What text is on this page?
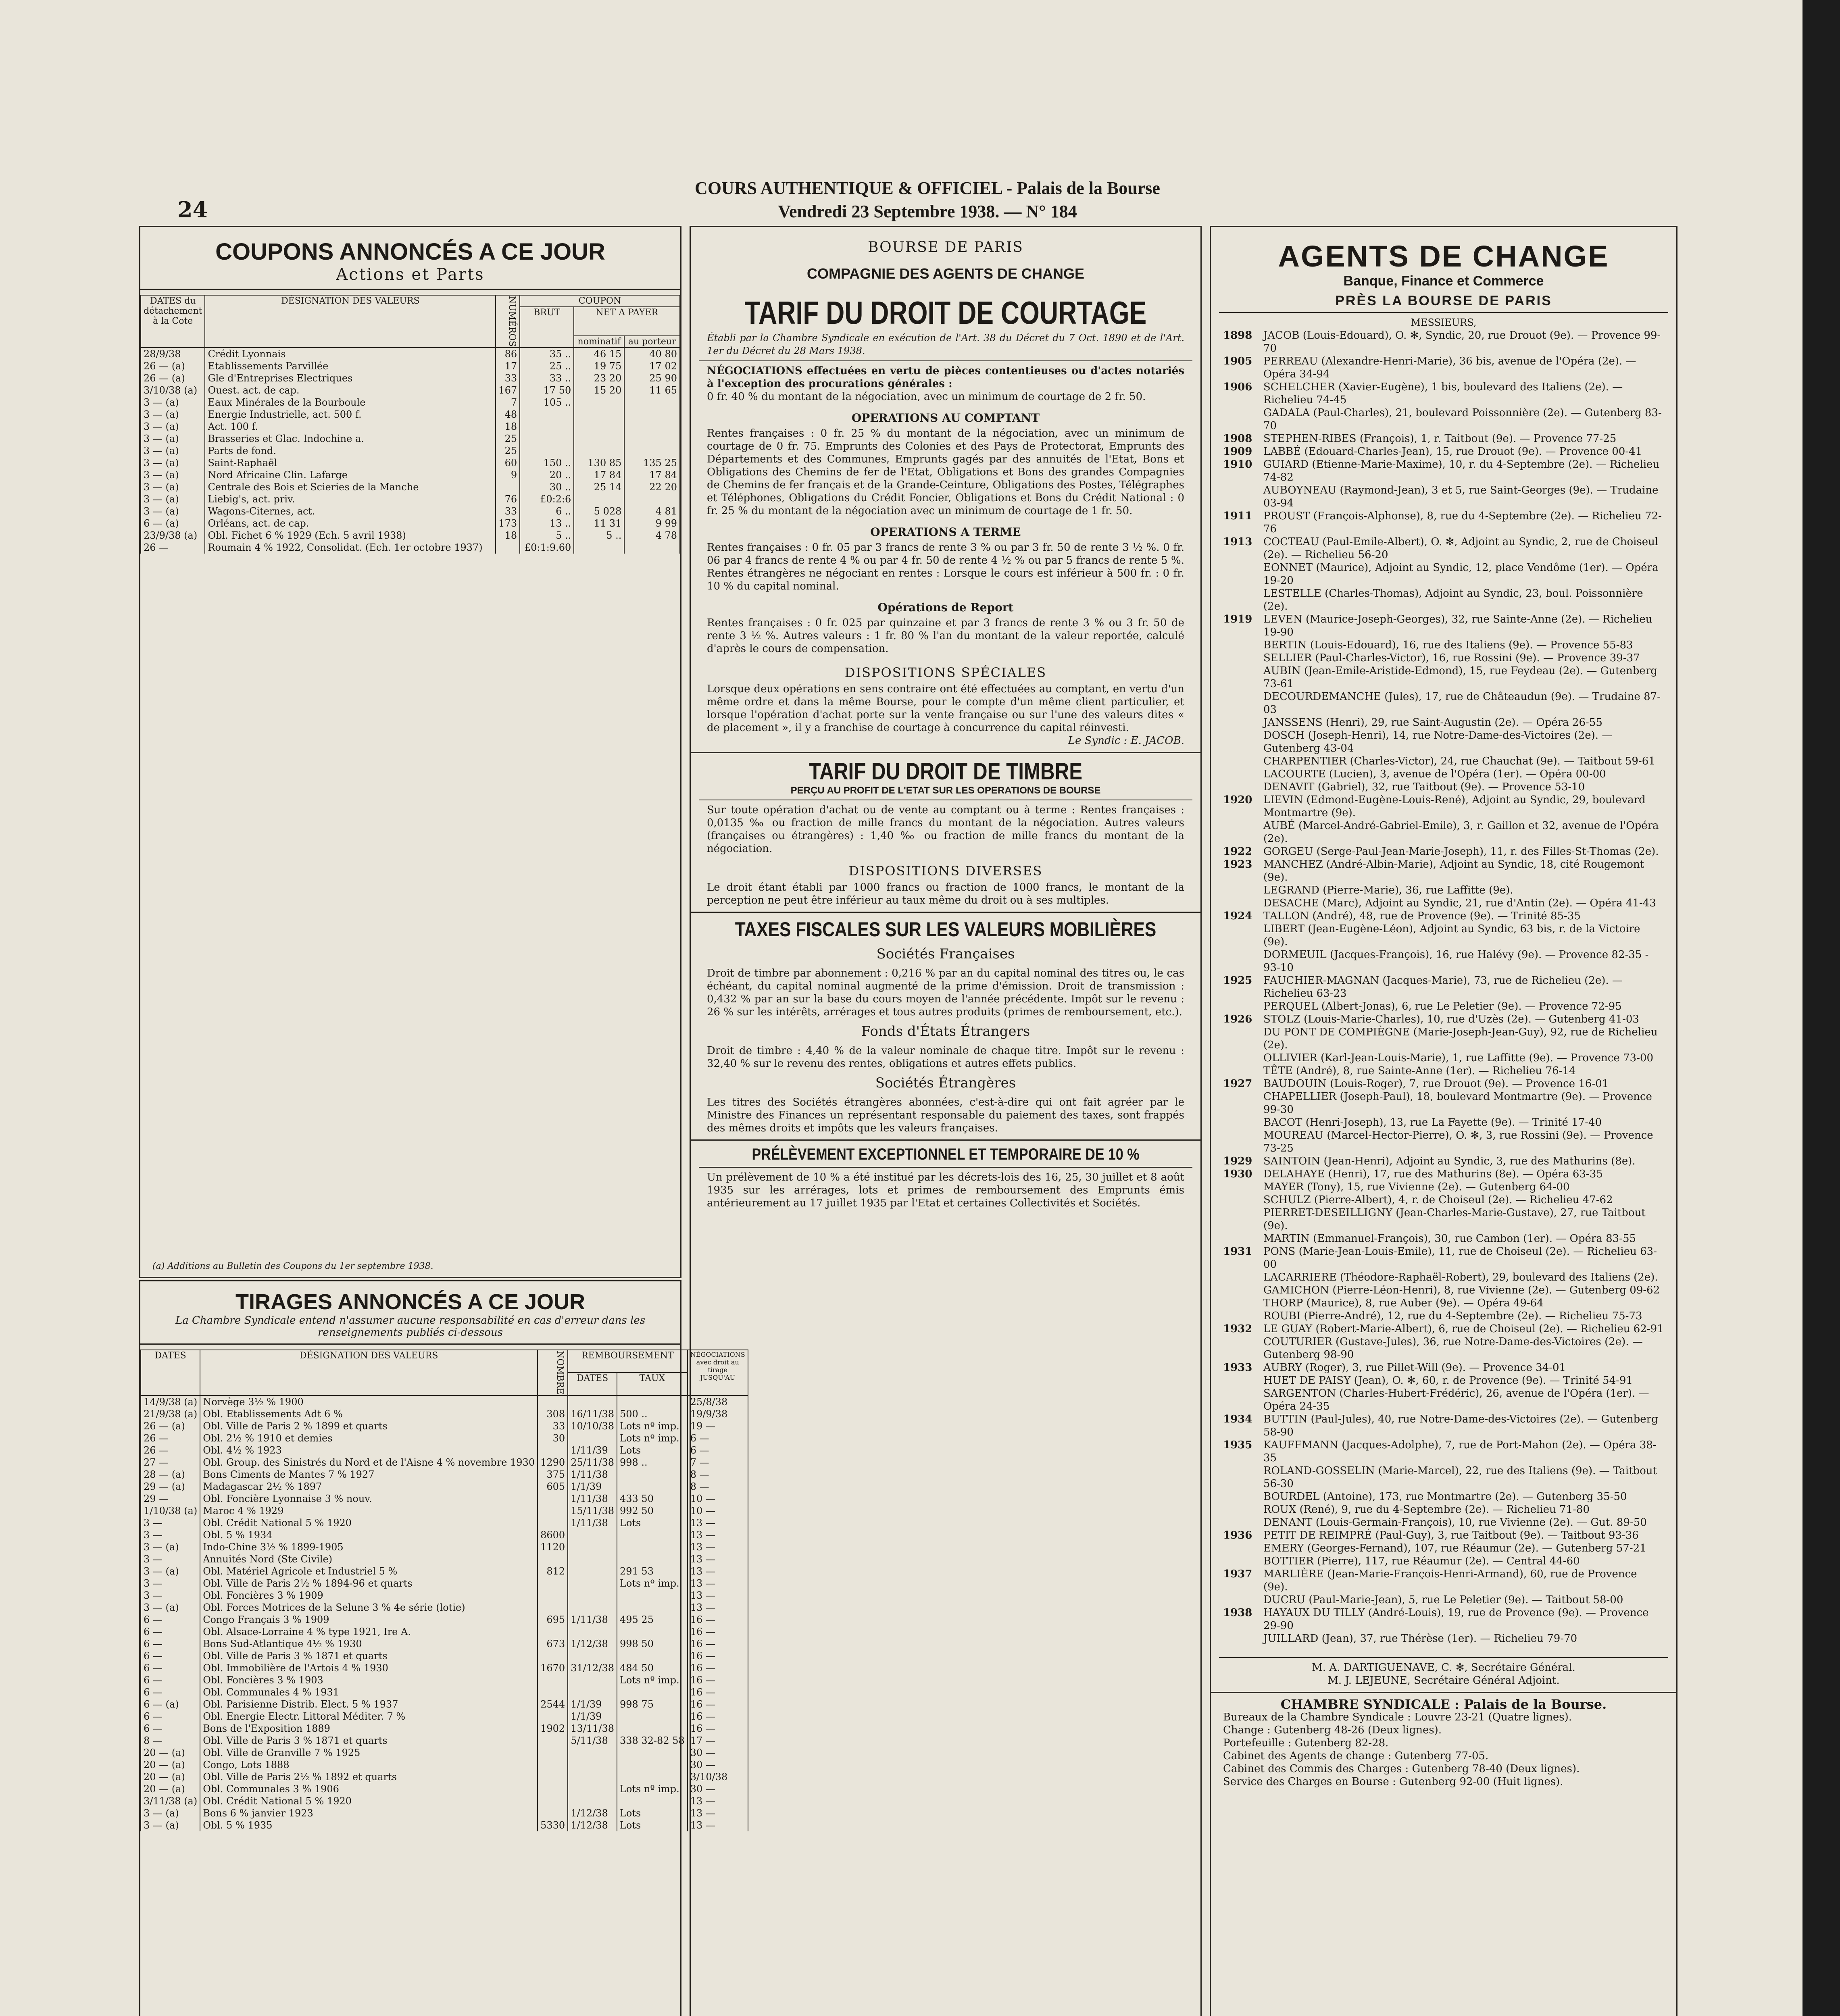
24
COURS AUTHENTIQUE & OFFICIEL - Palais de la Bourse
Vendredi 23 Septembre 1938. — N° 184
COUPONS ANNONCÉS A CE JOUR
Actions et Parts
DATES du détachement à la Cote	DÉSIGNATION DES VALEURS	NUMÉROS	COUPON		
			BRUT	NET A PAYER	
				nominatif	au porteur
28/9/38	Crédit Lyonnais	86	35 ..	46 15	40 80
26 — (a)	Etablissements Parvillée	17	25 ..	19 75	17 02
26 — (a)	Gle d'Entreprises Electriques	33	33 ..	23 20	25 90
3/10/38 (a)	Ouest. act. de cap.	167	17 50	15 20	11 65
3 — (a)	Eaux Minérales de la Bourboule	7	105 ..		
3 — (a)	Energie Industrielle, act. 500 f.	48			
3 — (a)	Act. 100 f.	18			
3 — (a)	Brasseries et Glac. Indochine a.	25			
3 — (a)	Parts de fond.	25			
3 — (a)	Saint-Raphaël	60	150 ..	130 85	135 25
3 — (a)	Nord Africaine Clin. Lafarge	9	20 ..	17 84	17 84
3 — (a)	Centrale des Bois et Scieries de la Manche		30 ..	25 14	22 20
3 — (a)	Liebig's, act. priv.	76	£0:2:6		
3 — (a)	Wagons-Citernes, act.	33	6 ..	5 028	4 81
6 — (a)	Orléans, act. de cap.	173	13 ..	11 31	9 99
23/9/38 (a)	Obl. Fichet 6 % 1929 (Ech. 5 avril 1938)	18	5 ..	5 ..	4 78
26 —	Roumain 4 % 1922, Consolidat. (Ech. 1er octobre 1937)		£0:1:9.60		
(a) Additions au Bulletin des Coupons du 1er septembre 1938.
TIRAGES ANNONCÉS A CE JOUR
La Chambre Syndicale entend n'assumer aucune responsabilité en cas d'erreur dans les renseignements publiés ci-dessous
DATES	DÉSIGNATION DES VALEURS	NOMBRE	REMBOURSEMENT		NÉGOCIATIONS avec droit au tirage JUSQU'AU
			DATES	TAUX	
14/9/38 (a)	Norvège 3½ % 1900				25/8/38
21/9/38 (a)	Obl. Etablissements Adt 6 %	308	16/11/38	500 ..	19/9/38
26 — (a)	Obl. Ville de Paris 2 % 1899 et quarts	33	10/10/38	Lots nº imp.	19 —
26 —	Obl. 2½ % 1910 et demies	30		Lots nº imp.	6 —
26 —	Obl. 4½ % 1923		1/11/39	Lots	6 —
27 —	Obl. Group. des Sinistrés du Nord et de l'Aisne 4 % novembre 1930	1290	25/11/38	998 ..	7 —
28 — (a)	Bons Ciments de Mantes 7 % 1927	375	1/11/38		8 —
29 — (a)	Madagascar 2½ % 1897	605	1/1/39		8 —
29 —	Obl. Foncière Lyonnaise 3 % nouv.		1/11/38	433 50	10 —
1/10/38 (a)	Maroc 4 % 1929		15/11/38	992 50	10 —
3 —	Obl. Crédit National 5 % 1920		1/11/38	Lots	13 —
3 —	Obl. 5 % 1934	8600			13 —
3 — (a)	Indo-Chine 3½ % 1899-1905	1120			13 —
3 —	Annuités Nord (Ste Civile)				13 —
3 — (a)	Obl. Matériel Agricole et Industriel 5 %	812		291 53	13 —
3 —	Obl. Ville de Paris 2½ % 1894-96 et quarts			Lots nº imp.	13 —
3 —	Obl. Foncières 3 % 1909				13 —
3 — (a)	Obl. Forces Motrices de la Selune 3 % 4e série (lotie)				13 —
6 —	Congo Français 3 % 1909	695	1/11/38	495 25	16 —
6 —	Obl. Alsace-Lorraine 4 % type 1921, Ire A.				16 —
6 —	Bons Sud-Atlantique 4½ % 1930	673	1/12/38	998 50	16 —
6 —	Obl. Ville de Paris 3 % 1871 et quarts				16 —
6 —	Obl. Immobilière de l'Artois 4 % 1930	1670	31/12/38	484 50	16 —
6 —	Obl. Foncières 3 % 1903			Lots nº imp.	16 —
6 —	Obl. Communales 4 % 1931				16 —
6 — (a)	Obl. Parisienne Distrib. Elect. 5 % 1937	2544	1/1/39	998 75	16 —
6 —	Obl. Energie Electr. Littoral Méditer. 7 %		1/1/39		16 —
6 —	Bons de l'Exposition 1889	1902	13/11/38		16 —
8 —	Obl. Ville de Paris 3 % 1871 et quarts		5/11/38	338 32-82 58	17 —
20 — (a)	Obl. Ville de Granville 7 % 1925				30 —
20 — (a)	Congo, Lots 1888				30 —
20 — (a)	Obl. Ville de Paris 2½ % 1892 et quarts				3/10/38
20 — (a)	Obl. Communales 3 % 1906			Lots nº imp.	30 —
3/11/38 (a)	Obl. Crédit National 5 % 1920				13 —
3 — (a)	Bons 6 % janvier 1923		1/12/38	Lots	13 —
3 — (a)	Obl. 5 % 1935	5330	1/12/38	Lots	13 —
BOURSE DE PARIS
COMPAGNIE DES AGENTS DE CHANGE
TARIF DU DROIT DE COURTAGE
Établi par la Chambre Syndicale en exécution de l'Art. 38 du Décret du 7 Oct. 1890 et de l'Art. 1er du Décret du 28 Mars 1938.
NÉGOCIATIONS effectuées en vertu de pièces contentieuses ou d'actes notariés à l'exception des procurations générales :
0 fr. 40 % du montant de la négociation, avec un minimum de courtage de 2 fr. 50.
OPERATIONS AU COMPTANT
Rentes françaises : 0 fr. 25 % du montant de la négociation, avec un minimum de courtage de 0 fr. 75. Emprunts des Colonies et des Pays de Protectorat, Emprunts des Départements et des Communes, Emprunts gagés par des annuités de l'Etat, Bons et Obligations des Chemins de fer de l'Etat, Obligations et Bons des grandes Compagnies de Chemins de fer français et de la Grande-Ceinture, Obligations des Postes, Télégraphes et Téléphones, Obligations du Crédit Foncier, Obligations et Bons du Crédit National : 0 fr. 25 % du montant de la négociation avec un minimum de courtage de 1 fr. 50.
OPERATIONS A TERME
Rentes françaises : 0 fr. 05 par 3 francs de rente 3 % ou par 3 fr. 50 de rente 3 ½ %. 0 fr. 06 par 4 francs de rente 4 % ou par 4 fr. 50 de rente 4 ½ % ou par 5 francs de rente 5 %. Rentes étrangères ne négociant en rentes : Lorsque le cours est inférieur à 500 fr. : 0 fr. 10 % du capital nominal.
Opérations de Report
Rentes françaises : 0 fr. 025 par quinzaine et par 3 francs de rente 3 % ou 3 fr. 50 de rente 3 ½ %. Autres valeurs : 1 fr. 80 % l'an du montant de la valeur reportée, calculé d'après le cours de compensation.
DISPOSITIONS SPÉCIALES
Lorsque deux opérations en sens contraire ont été effectuées au comptant, en vertu d'un même ordre et dans la même Bourse, pour le compte d'un même client particulier, et lorsque l'opération d'achat porte sur la vente française ou sur l'une des valeurs dites « de placement », il y a franchise de courtage à concurrence du capital réinvesti.
Le Syndic : E. JACOB.
TARIF DU DROIT DE TIMBRE
PERÇU AU PROFIT DE L'ETAT SUR LES OPERATIONS DE BOURSE
Sur toute opération d'achat ou de vente au comptant ou à terme : Rentes françaises : 0,0135 ‰ ou fraction de mille francs du montant de la négociation. Autres valeurs (françaises ou étrangères) : 1,40 ‰ ou fraction de mille francs du montant de la négociation.
DISPOSITIONS DIVERSES
Le droit étant établi par 1000 francs ou fraction de 1000 francs, le montant de la perception ne peut être inférieur au taux même du droit ou à ses multiples.
TAXES FISCALES SUR LES VALEURS MOBILIÈRES
Sociétés Françaises
Droit de timbre par abonnement : 0,216 % par an du capital nominal des titres ou, le cas échéant, du capital nominal augmenté de la prime d'émission. Droit de transmission : 0,432 % par an sur la base du cours moyen de l'année précédente. Impôt sur le revenu : 26 % sur les intérêts, arrérages et tous autres produits (primes de remboursement, etc.).
Fonds d'États Étrangers
Droit de timbre : 4,40 % de la valeur nominale de chaque titre. Impôt sur le revenu : 32,40 % sur le revenu des rentes, obligations et autres effets publics.
Sociétés Étrangères
Les titres des Sociétés étrangères abonnées, c'est-à-dire qui ont fait agréer par le Ministre des Finances un représentant responsable du paiement des taxes, sont frappés des mêmes droits et impôts que les valeurs françaises.
PRÉLÈVEMENT EXCEPTIONNEL ET TEMPORAIRE DE 10 %
Un prélèvement de 10 % a été institué par les décrets-lois des 16, 25, 30 juillet et 8 août 1935 sur les arrérages, lots et primes de remboursement des Emprunts émis antérieurement au 17 juillet 1935 par l'Etat et certaines Collectivités et Sociétés.
AGENTS DE CHANGE
Banque, Finance et Commerce
PRÈS LA BOURSE DE PARIS
MESSIEURS,
1898	JACOB (Louis-Edouard), O. ✻, Syndic, 20, rue Drouot (9e). — Provence 99-70
1905	PERREAU (Alexandre-Henri-Marie), 36 bis, avenue de l'Opéra (2e). — Opéra 34-94
1906	SCHELCHER (Xavier-Eugène), 1 bis, boulevard des Italiens (2e). — Richelieu 74-45
GADALA (Paul-Charles), 21, boulevard Poissonnière (2e). — Gutenberg 83-70
1908	STEPHEN-RIBES (François), 1, r. Taitbout (9e). — Provence 77-25
1909	LABBÉ (Edouard-Charles-Jean), 15, rue Drouot (9e). — Provence 00-41
1910	GUIARD (Etienne-Marie-Maxime), 10, r. du 4-Septembre (2e). — Richelieu 74-82
AUBOYNEAU (Raymond-Jean), 3 et 5, rue Saint-Georges (9e). — Trudaine 03-94
1911	PROUST (François-Alphonse), 8, rue du 4-Septembre (2e). — Richelieu 72-76
1913	COCTEAU (Paul-Emile-Albert), O. ✻, Adjoint au Syndic, 2, rue de Choiseul (2e). — Richelieu 56-20
EONNET (Maurice), Adjoint au Syndic, 12, place Vendôme (1er). — Opéra 19-20
LESTELLE (Charles-Thomas), Adjoint au Syndic, 23, boul. Poissonnière (2e).
1919	LEVEN (Maurice-Joseph-Georges), 32, rue Sainte-Anne (2e). — Richelieu 19-90
BERTIN (Louis-Edouard), 16, rue des Italiens (9e). — Provence 55-83
SELLIER (Paul-Charles-Victor), 16, rue Rossini (9e). — Provence 39-37
AUBIN (Jean-Emile-Aristide-Edmond), 15, rue Feydeau (2e). — Gutenberg 73-61
DECOURDEMANCHE (Jules), 17, rue de Châteaudun (9e). — Trudaine 87-03
JANSSENS (Henri), 29, rue Saint-Augustin (2e). — Opéra 26-55
DOSCH (Joseph-Henri), 14, rue Notre-Dame-des-Victoires (2e). — Gutenberg 43-04
CHARPENTIER (Charles-Victor), 24, rue Chauchat (9e). — Taitbout 59-61
LACOURTE (Lucien), 3, avenue de l'Opéra (1er). — Opéra 00-00
DENAVIT (Gabriel), 32, rue Taitbout (9e). — Provence 53-10
1920	LIEVIN (Edmond-Eugène-Louis-René), Adjoint au Syndic, 29, boulevard Montmartre (9e).
AUBÉ (Marcel-André-Gabriel-Emile), 3, r. Gaillon et 32, avenue de l'Opéra (2e).
1922	GORGEU (Serge-Paul-Jean-Marie-Joseph), 11, r. des Filles-St-Thomas (2e).
1923	MANCHEZ (André-Albin-Marie), Adjoint au Syndic, 18, cité Rougemont (9e).
LEGRAND (Pierre-Marie), 36, rue Laffitte (9e).
DESACHE (Marc), Adjoint au Syndic, 21, rue d'Antin (2e). — Opéra 41-43
1924	TALLON (André), 48, rue de Provence (9e). — Trinité 85-35
LIBERT (Jean-Eugène-Léon), Adjoint au Syndic, 63 bis, r. de la Victoire (9e).
DORMEUIL (Jacques-François), 16, rue Halévy (9e). — Provence 82-35 - 93-10
1925	FAUCHIER-MAGNAN (Jacques-Marie), 73, rue de Richelieu (2e). — Richelieu 63-23
PERQUEL (Albert-Jonas), 6, rue Le Peletier (9e). — Provence 72-95
1926	STOLZ (Louis-Marie-Charles), 10, rue d'Uzès (2e). — Gutenberg 41-03
DU PONT DE COMPIÈGNE (Marie-Joseph-Jean-Guy), 92, rue de Richelieu (2e).
OLLIVIER (Karl-Jean-Louis-Marie), 1, rue Laffitte (9e). — Provence 73-00
TÊTE (André), 8, rue Sainte-Anne (1er). — Richelieu 76-14
1927	BAUDOUIN (Louis-Roger), 7, rue Drouot (9e). — Provence 16-01
CHAPELLIER (Joseph-Paul), 18, boulevard Montmartre (9e). — Provence 99-30
BACOT (Henri-Joseph), 13, rue La Fayette (9e). — Trinité 17-40
MOUREAU (Marcel-Hector-Pierre), O. ✻, 3, rue Rossini (9e). — Provence 73-25
1929	SAINTOIN (Jean-Henri), Adjoint au Syndic, 3, rue des Mathurins (8e).
1930	DELAHAYE (Henri), 17, rue des Mathurins (8e). — Opéra 63-35
MAYER (Tony), 15, rue Vivienne (2e). — Gutenberg 64-00
SCHULZ (Pierre-Albert), 4, r. de Choiseul (2e). — Richelieu 47-62
PIERRET-DESEILLIGNY (Jean-Charles-Marie-Gustave), 27, rue Taitbout (9e).
MARTIN (Emmanuel-François), 30, rue Cambon (1er). — Opéra 83-55
1931	PONS (Marie-Jean-Louis-Emile), 11, rue de Choiseul (2e). — Richelieu 63-00
LACARRIERE (Théodore-Raphaël-Robert), 29, boulevard des Italiens (2e).
GAMICHON (Pierre-Léon-Henri), 8, rue Vivienne (2e). — Gutenberg 09-62
THORP (Maurice), 8, rue Auber (9e). — Opéra 49-64
ROUBI (Pierre-André), 12, rue du 4-Septembre (2e). — Richelieu 75-73
1932	LE GUAY (Robert-Marie-Albert), 6, rue de Choiseul (2e). — Richelieu 62-91
COUTURIER (Gustave-Jules), 36, rue Notre-Dame-des-Victoires (2e). — Gutenberg 98-90
1933	AUBRY (Roger), 3, rue Pillet-Will (9e). — Provence 34-01
HUET DE PAISY (Jean), O. ✻, 60, r. de Provence (9e). — Trinité 54-91
SARGENTON (Charles-Hubert-Frédéric), 26, avenue de l'Opéra (1er). — Opéra 24-35
1934	BUTTIN (Paul-Jules), 40, rue Notre-Dame-des-Victoires (2e). — Gutenberg 58-90
1935	KAUFFMANN (Jacques-Adolphe), 7, rue de Port-Mahon (2e). — Opéra 38-35
ROLAND-GOSSELIN (Marie-Marcel), 22, rue des Italiens (9e). — Taitbout 56-30
BOURDEL (Antoine), 173, rue Montmartre (2e). — Gutenberg 35-50
ROUX (René), 9, rue du 4-Septembre (2e). — Richelieu 71-80
DENANT (Louis-Germain-François), 10, rue Vivienne (2e). — Gut. 89-50
1936	PETIT DE REIMPRÉ (Paul-Guy), 3, rue Taitbout (9e). — Taitbout 93-36
EMERY (Georges-Fernand), 107, rue Réaumur (2e). — Gutenberg 57-21
BOTTIER (Pierre), 117, rue Réaumur (2e). — Central 44-60
1937	MARLIÈRE (Jean-Marie-François-Henri-Armand), 60, rue de Provence (9e).
DUCRU (Paul-Marie-Jean), 5, rue Le Peletier (9e). — Taitbout 58-00
1938	HAYAUX DU TILLY (André-Louis), 19, rue de Provence (9e). — Provence 29-90
JUILLARD (Jean), 37, rue Thérèse (1er). — Richelieu 79-70
M. A. DARTIGUENAVE, C. ✻, Secrétaire Général.
M. J. LEJEUNE, Secrétaire Général Adjoint.
CHAMBRE SYNDICALE : Palais de la Bourse.
Bureaux de la Chambre Syndicale : Louvre 23-21 (Quatre lignes).
Change : Gutenberg 48-26 (Deux lignes).
Portefeuille : Gutenberg 82-28.
Cabinet des Agents de change : Gutenberg 77-05.
Cabinet des Commis des Charges : Gutenberg 78-40 (Deux lignes).
Service des Charges en Bourse : Gutenberg 92-00 (Huit lignes).
